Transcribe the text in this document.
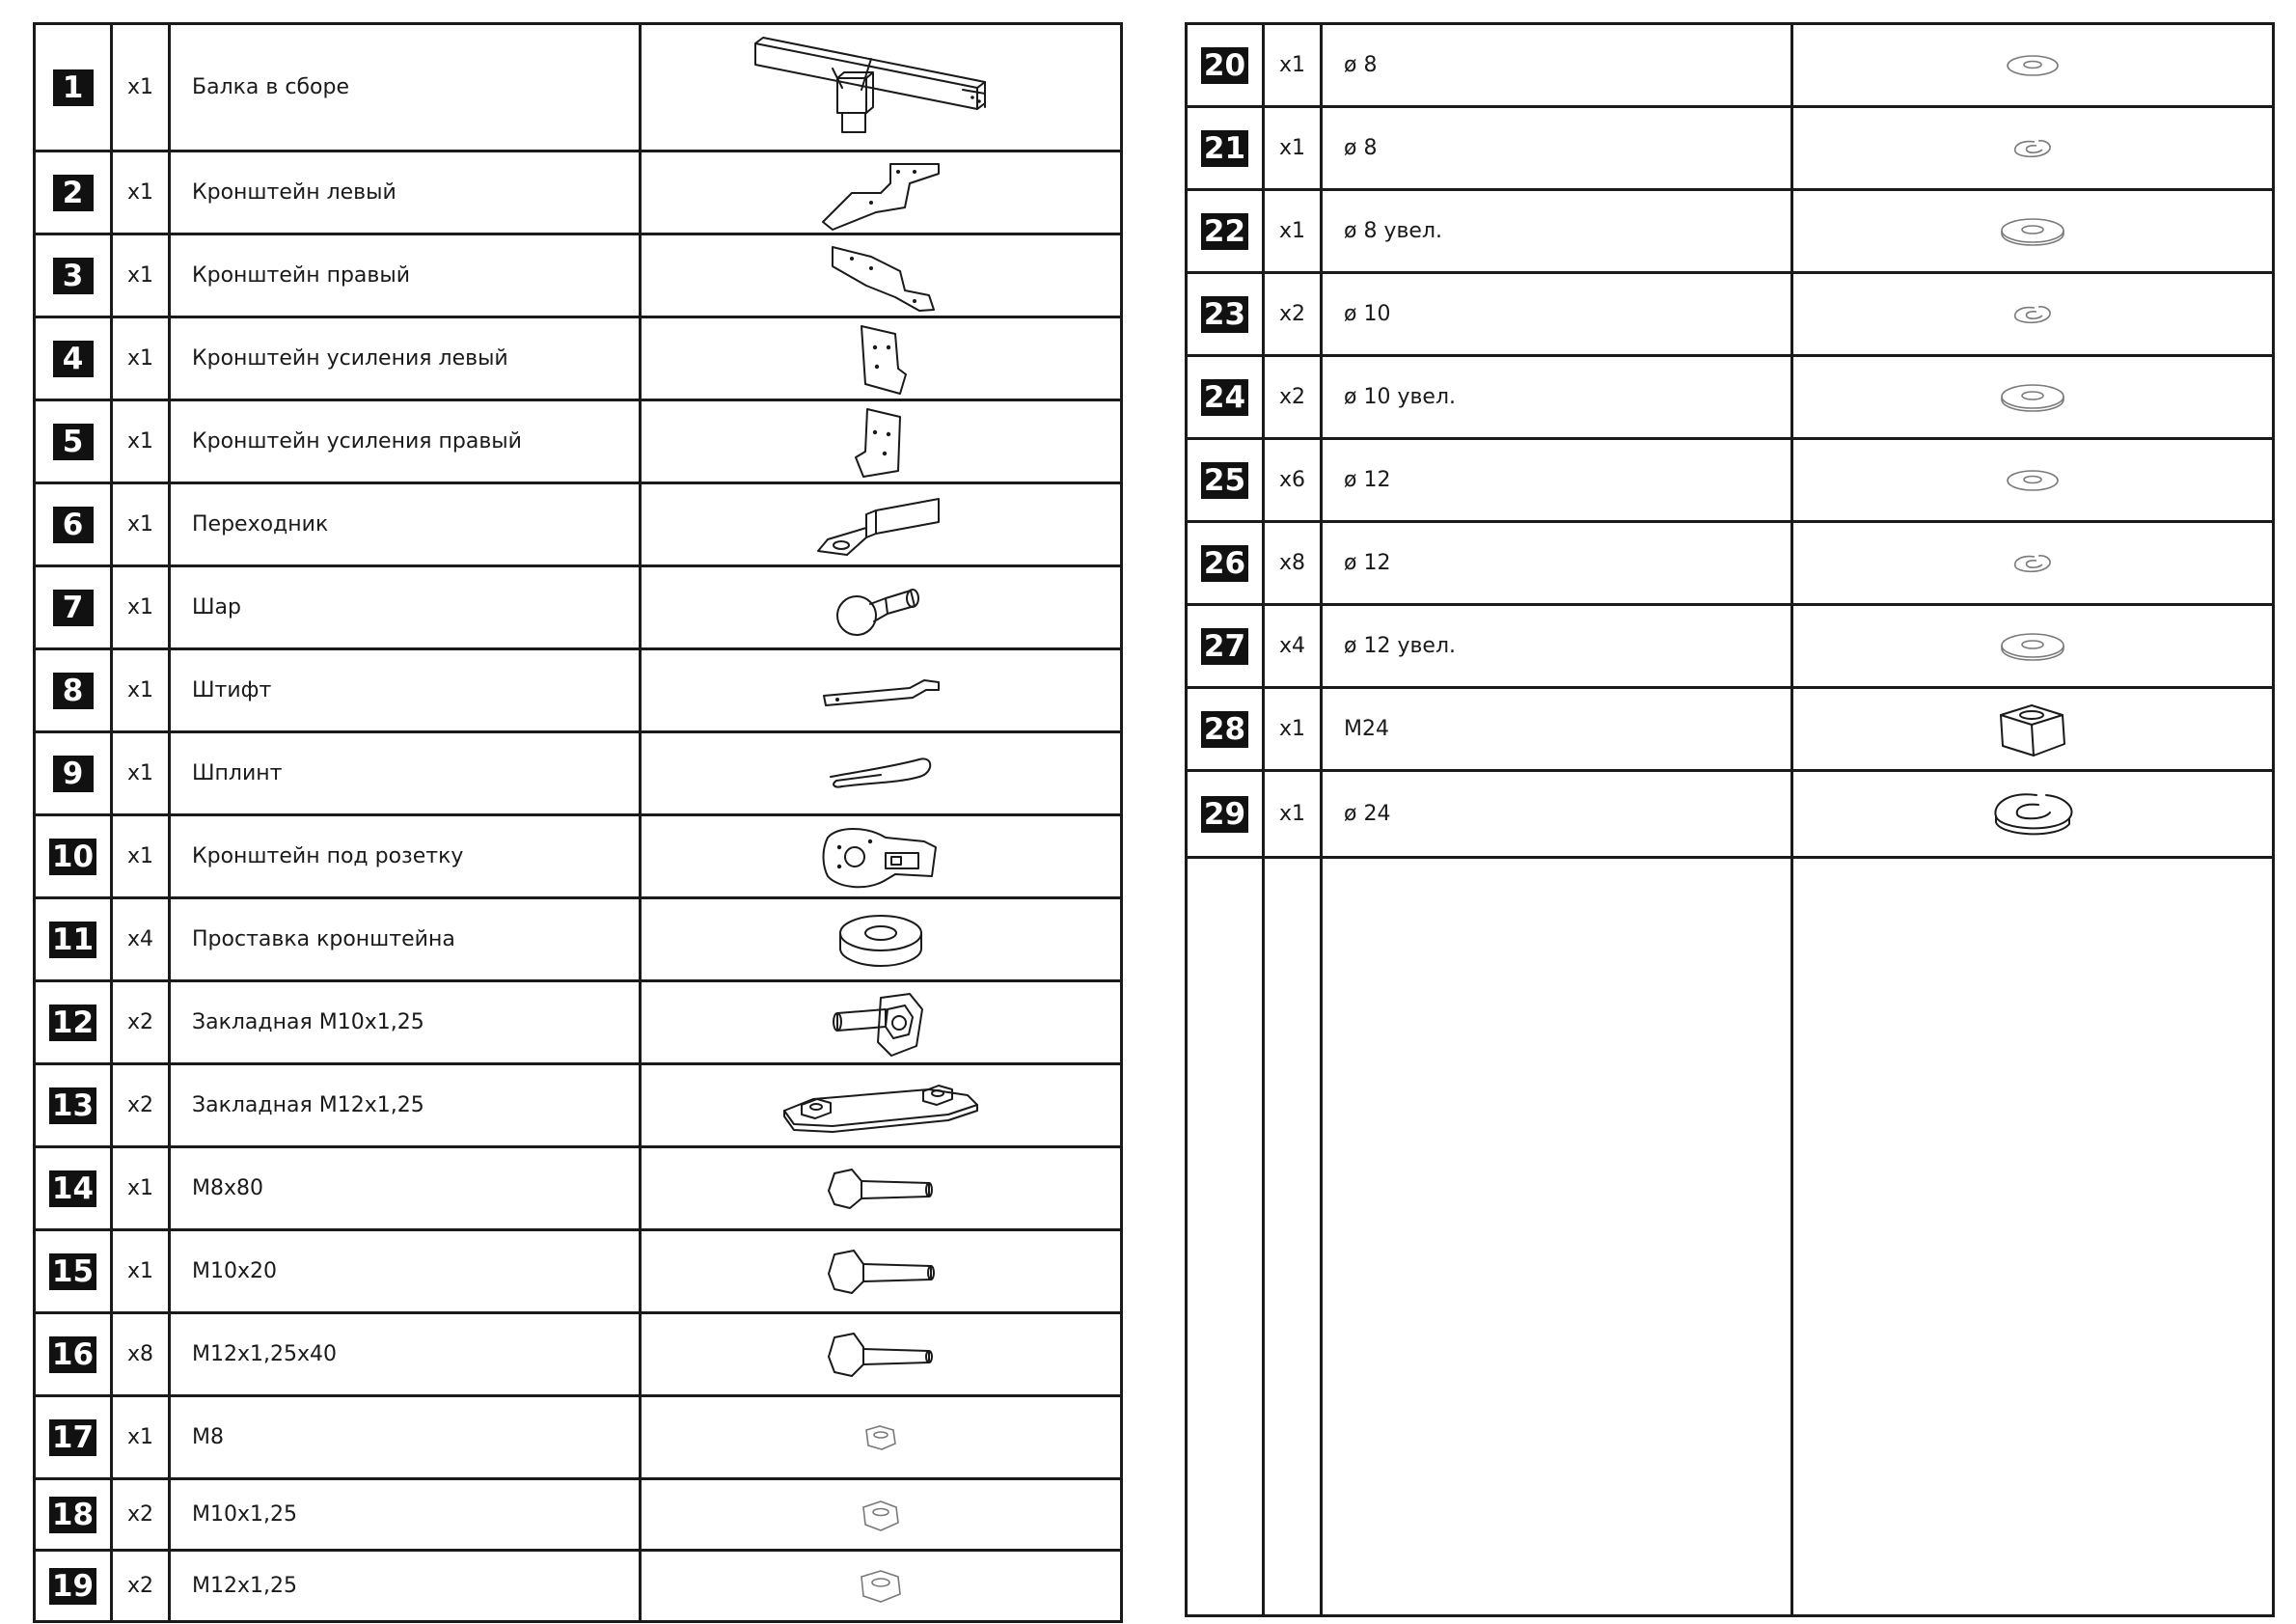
1	x1	Балка в сборе	

2	x1	Кронштейн левый	

3	x1	Кронштейн правый	

4	x1	Кронштейн усиления левый	

5	x1	Кронштейн усиления правый	

6	x1	Переходник	

7	x1	Шар	

8	x1	Штифт	

9	x1	Шплинт	

10	x1	Кронштейн под розетку	

11	x4	Проставка кронштейна	

12	x2	Закладная М10х1,25	

13	x2	Закладная М12х1,25	

14	x1	М8х80	

15	x1	М10х20	

16	x8	М12х1,25х40	

17	x1	М8	

18	x2	М10х1,25	

19	x2	М12х1,25	
20	x1	ø 8	

21	x1	ø 8	

22	x1	ø 8 увел.	

23	x2	ø 10	

24	x2	ø 10 увел.	

25	x6	ø 12	

26	x8	ø 12	

27	x4	ø 12 увел.	

28	x1	М24	

29	x1	ø 24	
